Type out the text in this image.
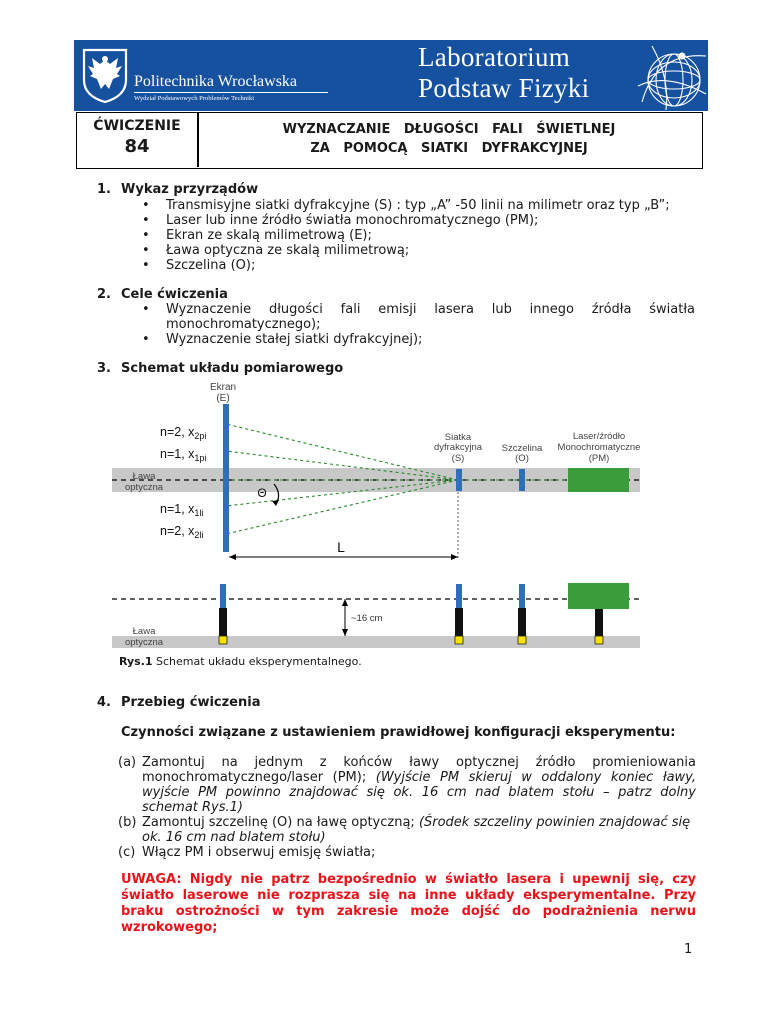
Politechnika Wrocławska
Wydział Podstawowych Problemów Techniki
Laboratorium
Podstaw Fizyki
ĆWICZENIE
84
WYZNACZANIE DŁUGOŚCI FALI ŚWIETLNEJ
ZA POMOCĄ SIATKI DYFRAKCYJNEJ
1. Wykaz przyrządów
• Transmisyjne siatki dyfrakcyjne (S) : typ „A” -50 linii na milimetr oraz typ „B”;
• Laser lub inne źródło światła monochromatycznego (PM);
• Ekran ze skalą milimetrową (E);
• Ława optyczna ze skalą milimetrową;
• Szczelina (O);
2. Cele ćwiczenia
• Wyznaczenie długości fali emisji lasera lub innego źródła światła
monochromatycznego);
• Wyznaczenie stałej siatki dyfrakcyjnej);
3. Schemat układu pomiarowego
Ekran
(E)
n=2, $x_{2pi}$
n=1, $x_{1pi}$
n=1, $x_{1li}$
n=2, $x_{2li}$
Ława
optyczna	Θ
L
Siatka
dyfrakcyjna
(S)
Szczelina
(O)
Laser/źródło
Monochromatyczne
(PM)
Ława
optyczna
~16 cm
Rys.1 Schemat układu eksperymentalnego.
4. Przebieg ćwiczenia
Czynności związane z ustawieniem prawidłowej konfiguracji eksperymentu:
(a) Zamontuj na jednym z końców ławy optycznej źródło promieniowania
monochromatycznego/laser (PM); (Wyjście PM skieruj w oddalony koniec ławy,
wyjście PM powinno znajdować się ok. 16 cm nad blatem stołu – patrz dolny
schemat Rys.1)
(b) Zamontuj szczelinę (O) na ławę optyczną; (Środek szczeliny powinien znajdować się
ok. 16 cm nad blatem stołu)
(c) Włącz PM i obserwuj emisję światła;
UWAGA: Nigdy nie patrz bezpośrednio w światło lasera i upewnij się, czy
światło laserowe nie rozprasza się na inne układy eksperymentalne. Przy
braku ostrożności w tym zakresie może dojść do podrażnienia nerwu
wzrokowego;
1
